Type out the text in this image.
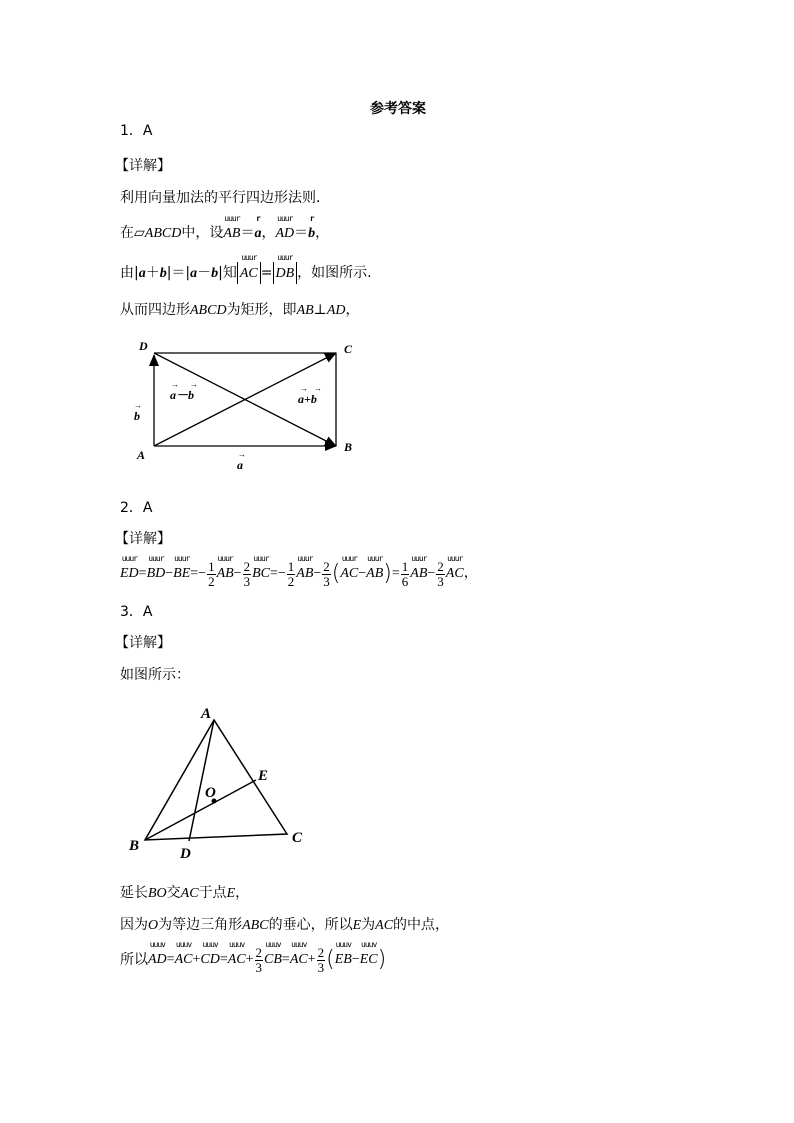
参考答案
1．A
【详解】
利用向量加法的平行四边形法则．
在▱ABCD中，设
uuur
AB＝
r
a，
uuur
AD＝
r
b，
由|a＋b|＝|a－b|知
uuur
AC =
uuur
DB ，如图所示.
从而四边形ABCD为矩形，即AB⊥AD，
D	C
A
B
→
a
→
b
→ →
a－b	→ →
a+b
2．A
【详解】
uuur
ED =
uuur
BD −
uuur
BE =− $\frac{1}{2}$
uuur
AB − $\frac{2}{3}$
uuur
BC =− $\frac{1}{2}$
uuur
AB − $\frac{2}{3}$ (
uuur
AC −
uuur
AB ) = $\frac{1}{6}$
uuur
AB − $\frac{2}{3}$
uuur
AC ，
3．A
【详解】
如图所示：
A
B	C
D
E
O
延长BO交AC于点E，
因为O为等边三角形ABC的垂心，所以E为AC的中点，
所以
uuuv
AD =
uuuv
AC +
uuuv
CD =
uuuv
AC + $\frac{2}{3}$
uuuv
CB =
uuuv
AC + $\frac{2}{3}$ (
uuuv
EB −
uuuv
EC )
